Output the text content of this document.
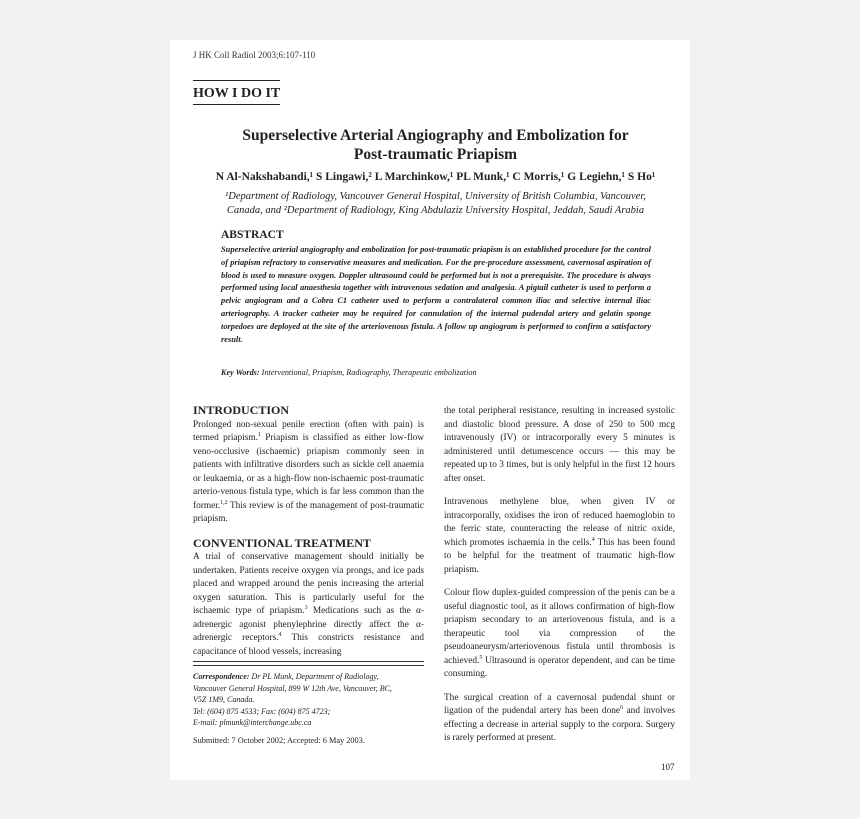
J HK Coll Radiol 2003;6:107-110
HOW I DO IT
Superselective Arterial Angiography and Embolization for
Post-traumatic Priapism
N Al-Nakshabandi,¹ S Lingawi,² L Marchinkow,¹ PL Munk,¹ C Morris,¹ G Legiehn,¹ S Ho¹
¹Department of Radiology, Vancouver General Hospital, University of British Columbia, Vancouver,
Canada, and ²Department of Radiology, King Abdulaziz University Hospital, Jeddah, Saudi Arabia
ABSTRACT
Superselective arterial angiography and embolization for post-traumatic priapism is an established procedure for the control of priapism refractory to conservative measures and medication. For the pre-procedure assessment, cavernosal aspiration of blood is used to measure oxygen. Doppler ultrasound could be performed but is not a prerequisite. The procedure is always performed using local anaesthesia together with intravenous sedation and analgesia. A pigtail catheter is used to perform a pelvic angiogram and a Cobra C1 catheter used to perform a contralateral common iliac and selective internal iliac arteriography. A tracker catheter may be required for cannulation of the internal pudendal artery and gelatin sponge torpedoes are deployed at the site of the arteriovenous fistula. A follow up angiogram is performed to confirm a satisfactory result.
Key Words: Interventional, Priapism, Radiography, Therapeutic embolization
INTRODUCTION

Prolonged non-sexual penile erection (often with pain) is termed priapism.$^1$ Priapism is classified as either low-flow veno-occlusive (ischaemic) priapism commonly seen in patients with infiltrative disorders such as sickle cell anaemia or leukaemia, or as a high-flow non-ischaemic post-traumatic arterio-venous fistula type, which is far less common than the former.$^{1,2}$ This review is of the management of post-traumatic priapism.

CONVENTIONAL TREATMENT

A trial of conservative management should initially be undertaken. Patients receive oxygen via prongs, and ice pads placed and wrapped around the penis increasing the arterial oxygen saturation. This is particularly useful for the ischaemic type of priapism.$^3$ Medications such as the α-adrenergic agonist phenylephrine directly affect the α-adrenergic receptors.$^4$ This constricts resistance and capacitance of blood vessels, increasing

the total peripheral resistance, resulting in increased systolic and diastolic blood pressure. A dose of 250 to 500 mcg intravenously (IV) or intracorporally every 5 minutes is administered until detumescence occurs — this may be repeated up to 3 times, but is only helpful in the first 12 hours after onset.

Intravenous methylene blue, when given IV or intracorporally, oxidises the iron of reduced haemoglobin to the ferric state, counteracting the release of nitric oxide, which promotes ischaemia in the cells.$^4$ This has been found to be helpful for the treatment of traumatic high-flow priapism.

Colour flow duplex-guided compression of the penis can be a useful diagnostic tool, as it allows confirmation of high-flow priapism secondary to an arteriovenous fistula, and is a therapeutic tool via compression of the pseudoaneurysm/arteriovenous fistula until thrombosis is achieved.$^5$ Ultrasound is operator dependent, and can be time consuming.

The surgical creation of a cavernosal pudendal shunt or ligation of the pudendal artery has been done$^6$ and involves effecting a decrease in arterial supply to the corpora. Surgery is rarely performed at present.

Correspondence: Dr PL Munk, Department of Radiology,
Vancouver General Hospital, 899 W 12th Ave, Vancouver, BC,
V5Z 1M9, Canada.
Tel: (604) 875 4533; Fax: (604) 875 4723;
E-mail: plmunk@interchange.ubc.ca
Submitted: 7 October 2002; Accepted: 6 May 2003.
107
